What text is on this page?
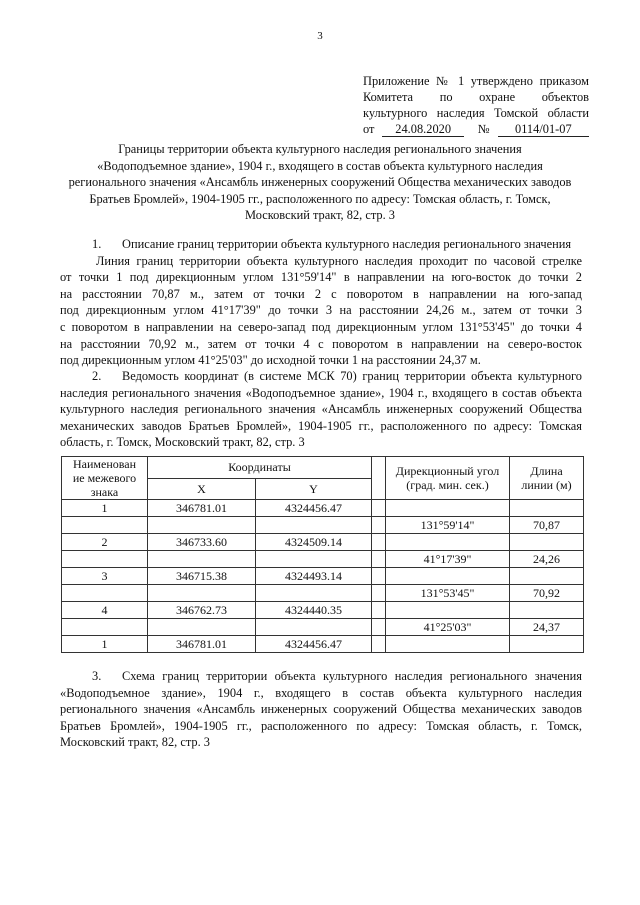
3
Приложение № 1 утверждено приказом
Комитета по охране объектов
культурного наследия Томской области
от	24.08.2020	№	0114/01-07
Границы территории объекта культурного наследия регионального значения
«Водоподъемное здание», 1904 г., входящего в состав объекта культурного наследия
регионального значения «Ансамбль инженерных сооружений Общества механических заводов
Братьев Бромлей», 1904-1905 гг., расположенного по адресу: Томская область, г. Томск,
Московский тракт, 82, стр. 3
1. Описание границ территории объекта культурного наследия регионального значения
Линия границ территории объекта культурного наследия проходит по часовой стрелке
от точки 1 под дирекционным углом 131°59'14" в направлении на юго-восток до точки 2
на расстоянии 70,87 м., затем от точки 2 с поворотом в направлении на юго-запад
под дирекционным углом 41°17'39" до точки 3 на расстоянии 24,26 м., затем от точки 3
с поворотом в направлении на северо-запад под дирекционным углом 131°53'45" до точки 4
на расстоянии 70,92 м., затем от точки 4 с поворотом в направлении на северо-восток
под дирекционным углом 41°25'03" до исходной точки 1 на расстоянии 24,37 м.
2. Ведомость координат (в системе МСК 70) границ территории объекта культурного
наследия регионального значения «Водоподъемное здание», 1904 г., входящего в состав объекта
культурного наследия регионального значения «Ансамбль инженерных сооружений Общества
механических заводов Братьев Бромлей», 1904-1905 гг., расположенного по адресу: Томская
область, г. Томск, Московский тракт, 82, стр. 3
Наименован ие межевого знака	Координаты			Дирекционный угол (град. мин. сек.)	Длина линии (м)
	X	Y			
1	346781.01	4324456.47			
				131°59'14"	70,87
2	346733.60	4324509.14			
				41°17'39"	24,26
3	346715.38	4324493.14			
				131°53'45"	70,92
4	346762.73	4324440.35			
				41°25'03"	24,37
1	346781.01	4324456.47			
3. Схема границ территории объекта культурного наследия регионального значения
«Водоподъемное здание», 1904 г., входящего в состав объекта культурного наследия
регионального значения «Ансамбль инженерных сооружений Общества механических заводов
Братьев Бромлей», 1904-1905 гг., расположенного по адресу: Томская область, г. Томск,
Московский тракт, 82, стр. 3
